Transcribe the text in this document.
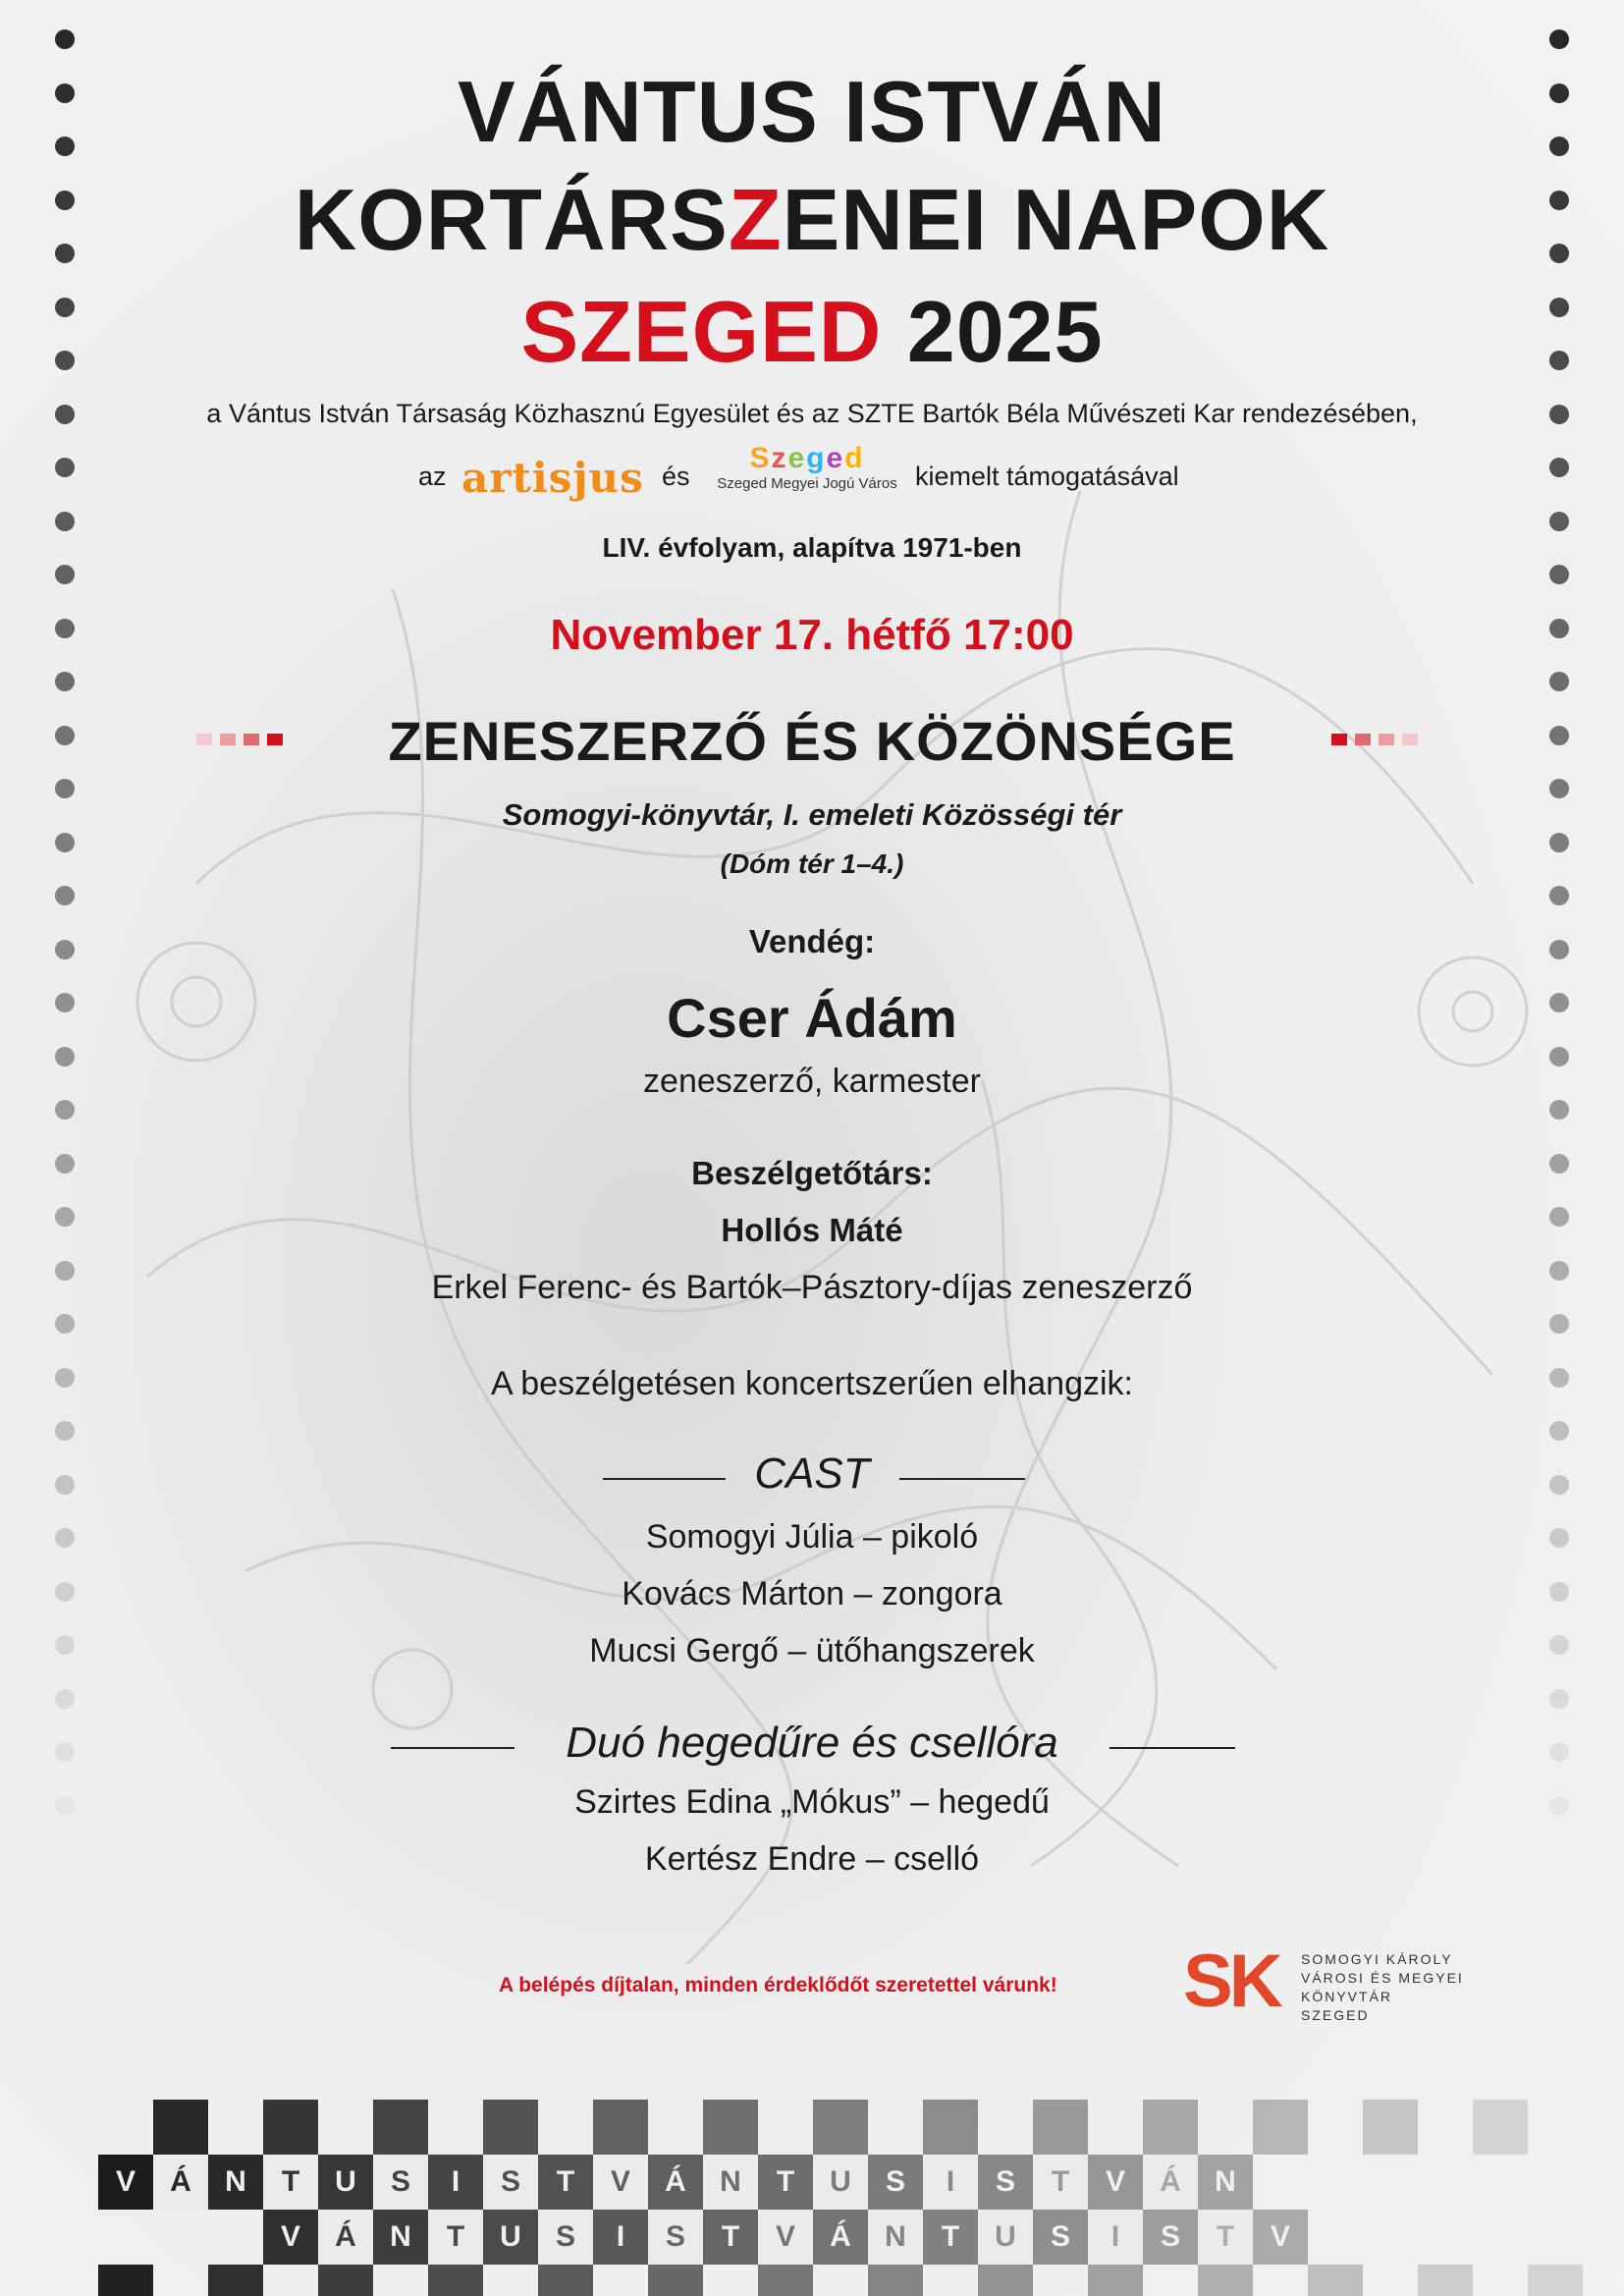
VÁNTUS ISTVÁN
KORTÁRSZENEI NAPOK
SZEGED 2025
a Vántus István Társaság Közhasznú Egyesület és az SZTE Bartók Béla Művészeti Kar rendezésében,
az artisjus és
Szeged
Szeged Megyei Jogú Város kiemelt támogatásával
LIV. évfolyam, alapítva 1971-ben
November 17. hétfő 17:00
ZENESZERZŐ ÉS KÖZÖNSÉGE
Somogyi-könyvtár, I. emeleti Közösségi tér
(Dóm tér 1–4.)
Vendég:
Cser Ádám
zeneszerző, karmester
Beszélgetőtárs:
Hollós Máté
Erkel Ferenc- és Bartók–Pásztory-díjas zeneszerző
A beszélgetésen koncertszerűen elhangzik:
CAST
Somogyi Júlia – pikoló
Kovács Márton – zongora
Mucsi Gergő – ütőhangszerek
Duó hegedűre és csellóra
Szirtes Edina „Mókus” – hegedű
Kertész Endre – cselló
A belépés díjtalan, minden érdeklődőt szeretettel várunk! SK SOMOGYI KÁROLY
VÁROSI ÉS MEGYEI KÖNYVTÁR
SZEGED
V	Á	N	T	U	S	I	S	T	V	Á	N	T	U	S	I	S	T	V	Á	N
V	Á	N	T	U	S	I	S	T	V	Á	N	T	U	S	I	S	T	V
